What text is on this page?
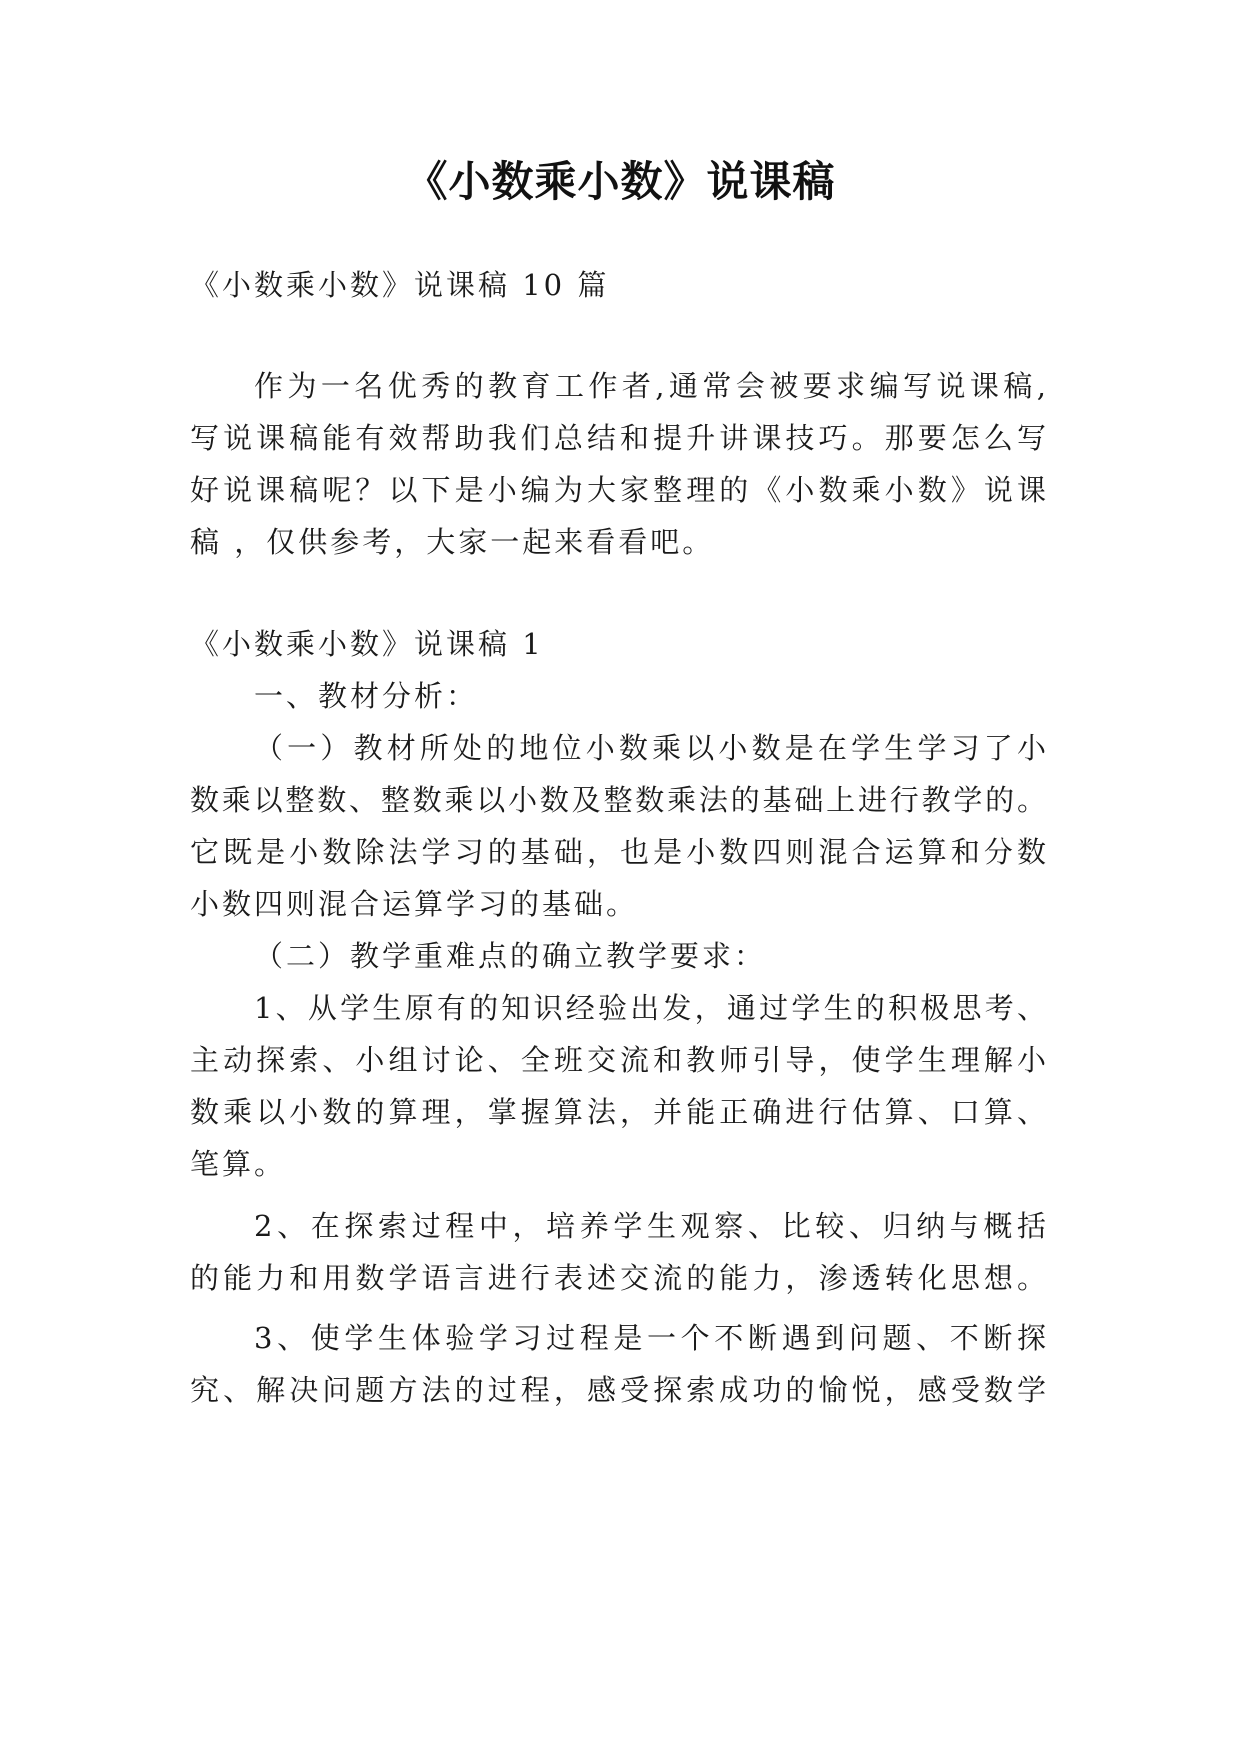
《小数乘小数》说课稿

《小数乘小数》说课稿 10 篇

作为一名优秀的教育工作者,通常会被要求编写说课稿,

写说课稿能有效帮助我们总结和提升讲课技巧。那要怎么写

好说课稿呢？以下是小编为大家整理的《小数乘小数》说课

稿 ，仅供参考，大家一起来看看吧。

《小数乘小数》说课稿 1

一、教材分析：

（一）教材所处的地位小数乘以小数是在学生学习了小

数乘以整数、整数乘以小数及整数乘法的基础上进行教学的。

它既是小数除法学习的基础，也是小数四则混合运算和分数

小数四则混合运算学习的基础。

（二）教学重难点的确立教学要求：

1、从学生原有的知识经验出发，通过学生的积极思考、

主动探索、小组讨论、全班交流和教师引导，使学生理解小

数乘以小数的算理，掌握算法，并能正确进行估算、口算、

笔算。

2、在探索过程中，培养学生观察、比较、归纳与概括

的能力和用数学语言进行表述交流的能力，渗透转化思想。

3、使学生体验学习过程是一个不断遇到问题、不断探

究、解决问题方法的过程，感受探索成功的愉悦，感受数学
